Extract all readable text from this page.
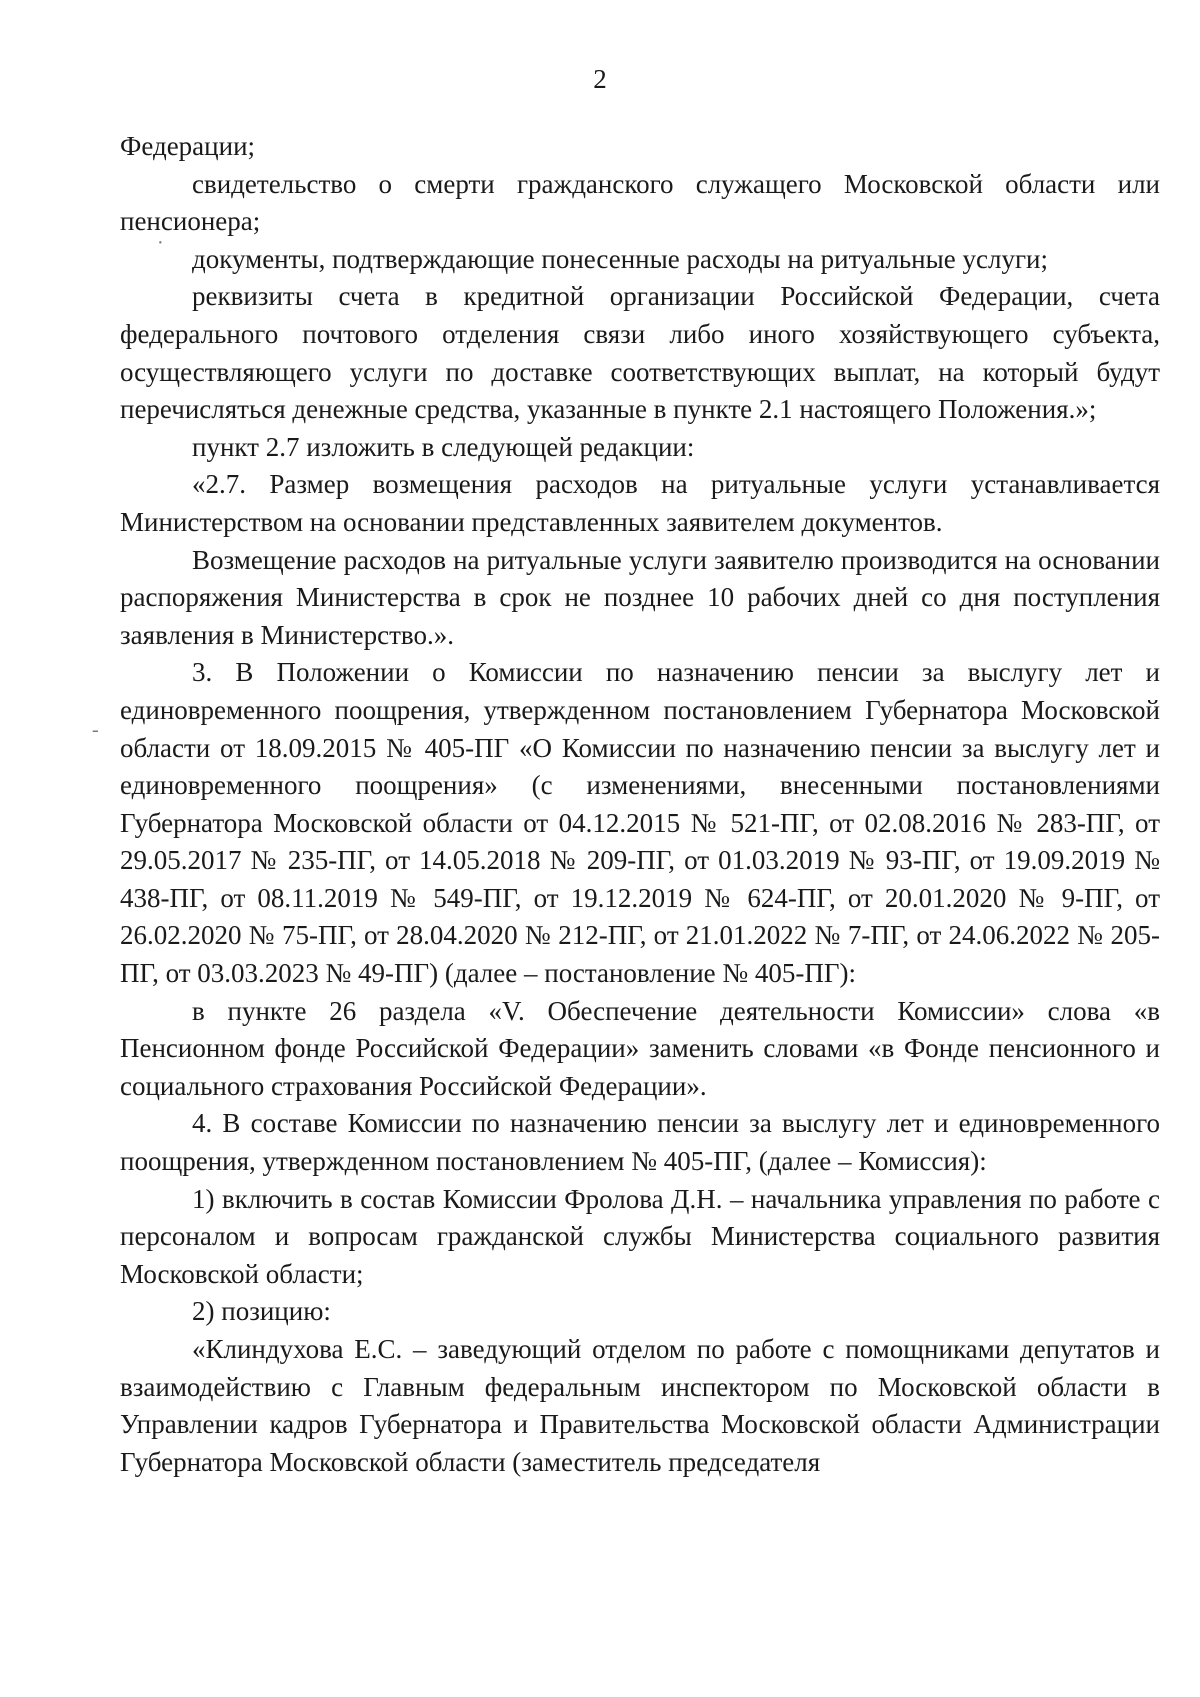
2

Федерации;

свидетельство о смерти гражданского служащего Московской области или пенсионера;

документы, подтверждающие понесенные расходы на ритуальные услуги;

реквизиты счета в кредитной организации Российской Федерации, счета федерального почтового отделения связи либо иного хозяйствующего субъекта, осуществляющего услуги по доставке соответствующих выплат, на который будут перечисляться денежные средства, указанные в пункте 2.1 настоящего Положения.»;

пункт 2.7 изложить в следующей редакции:

«2.7. Размер возмещения расходов на ритуальные услуги устанавливается Министерством на основании представленных заявителем документов.

Возмещение расходов на ритуальные услуги заявителю производится на основании распоряжения Министерства в срок не позднее 10 рабочих дней со дня поступления заявления в Министерство.».

3. В Положении о Комиссии по назначению пенсии за выслугу лет и единовременного поощрения, утвержденном постановлением Губернатора Московской области от 18.09.2015 № 405-ПГ «О Комиссии по назначению пенсии за выслугу лет и единовременного поощрения» (с изменениями, внесенными постановлениями Губернатора Московской области от 04.12.2015 № 521-ПГ, от 02.08.2016 № 283-ПГ, от 29.05.2017 № 235-ПГ, от 14.05.2018 № 209-ПГ, от 01.03.2019 № 93-ПГ, от 19.09.2019 № 438-ПГ, от 08.11.2019 № 549-ПГ, от 19.12.2019 № 624-ПГ, от 20.01.2020 № 9-ПГ, от 26.02.2020 № 75-ПГ, от 28.04.2020 № 212-ПГ, от 21.01.2022 № 7-ПГ, от 24.06.2022 № 205-ПГ, от 03.03.2023 № 49-ПГ) (далее – постановление № 405-ПГ):

в пункте 26 раздела «V. Обеспечение деятельности Комиссии» слова «в Пенсионном фонде Российской Федерации» заменить словами «в Фонде пенсионного и социального страхования Российской Федерации».

4. В составе Комиссии по назначению пенсии за выслугу лет и единовременного поощрения, утвержденном постановлением № 405-ПГ, (далее – Комиссия):

1) включить в состав Комиссии Фролова Д.Н. – начальника управления по работе с персоналом и вопросам гражданской службы Министерства социального развития Московской области;

2) позицию:

«Клиндухова Е.С. – заведующий отделом по работе с помощниками депутатов и взаимодействию с Главным федеральным инспектором по Московской области в Управлении кадров Губернатора и Правительства Московской области Администрации Губернатора Московской области (заместитель председателя

·
-
